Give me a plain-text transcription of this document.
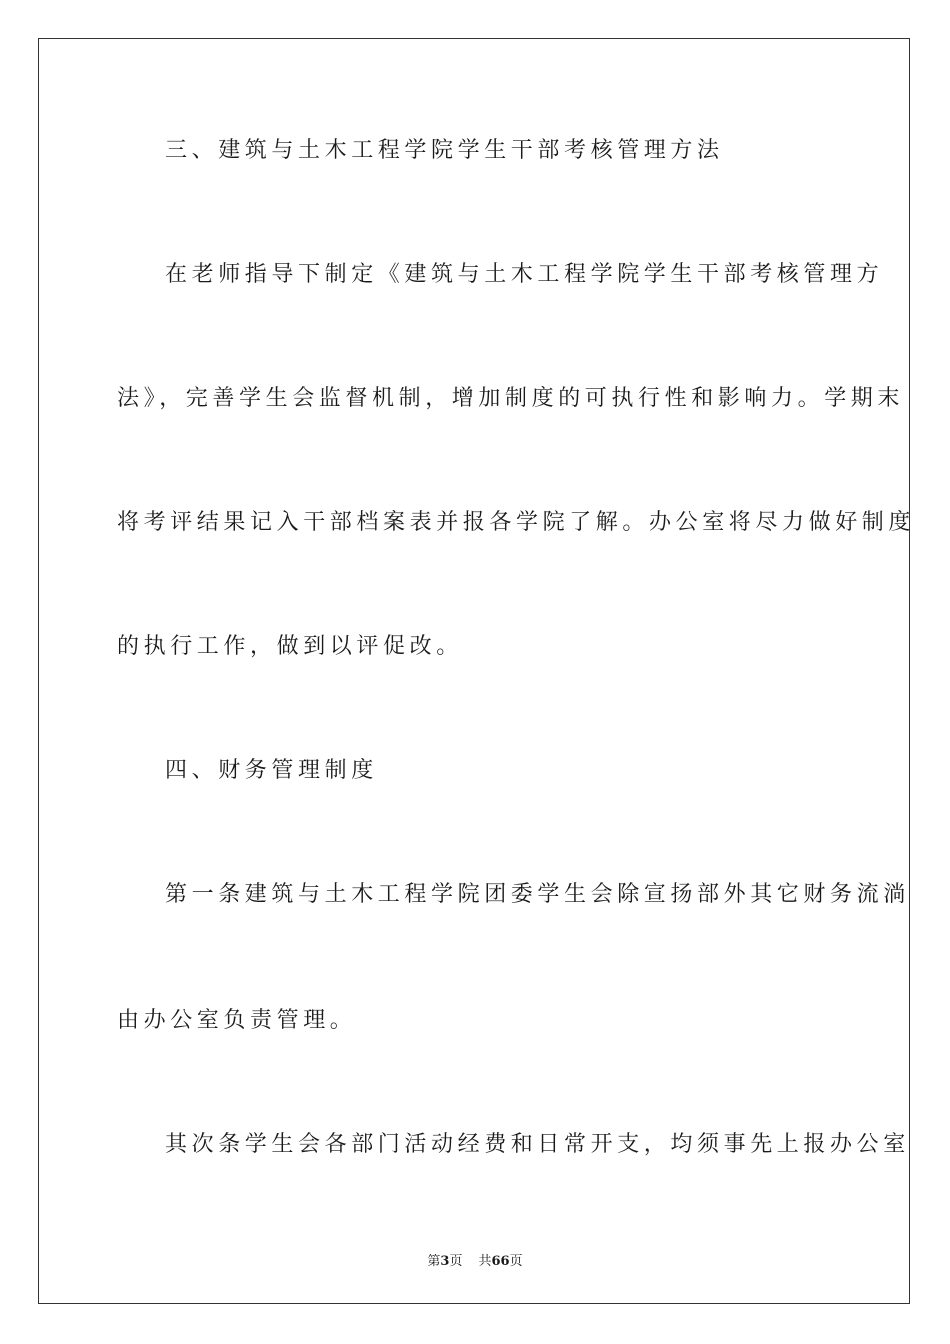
三、建筑与土木工程学院学生干部考核管理方法
在老师指导下制定《建筑与土木工程学院学生干部考核管理方
法》，完善学生会监督机制，增加制度的可执行性和影响力。学期末
将考评结果记入干部档案表并报各学院了解。办公室将尽力做好制度
的执行工作，做到以评促改。
四、财务管理制度
第一条建筑与土木工程学院团委学生会除宣扬部外其它财务流淌
由办公室负责管理。
其次条学生会各部门活动经费和日常开支，均须事先上报办公室
第3页 共66页
